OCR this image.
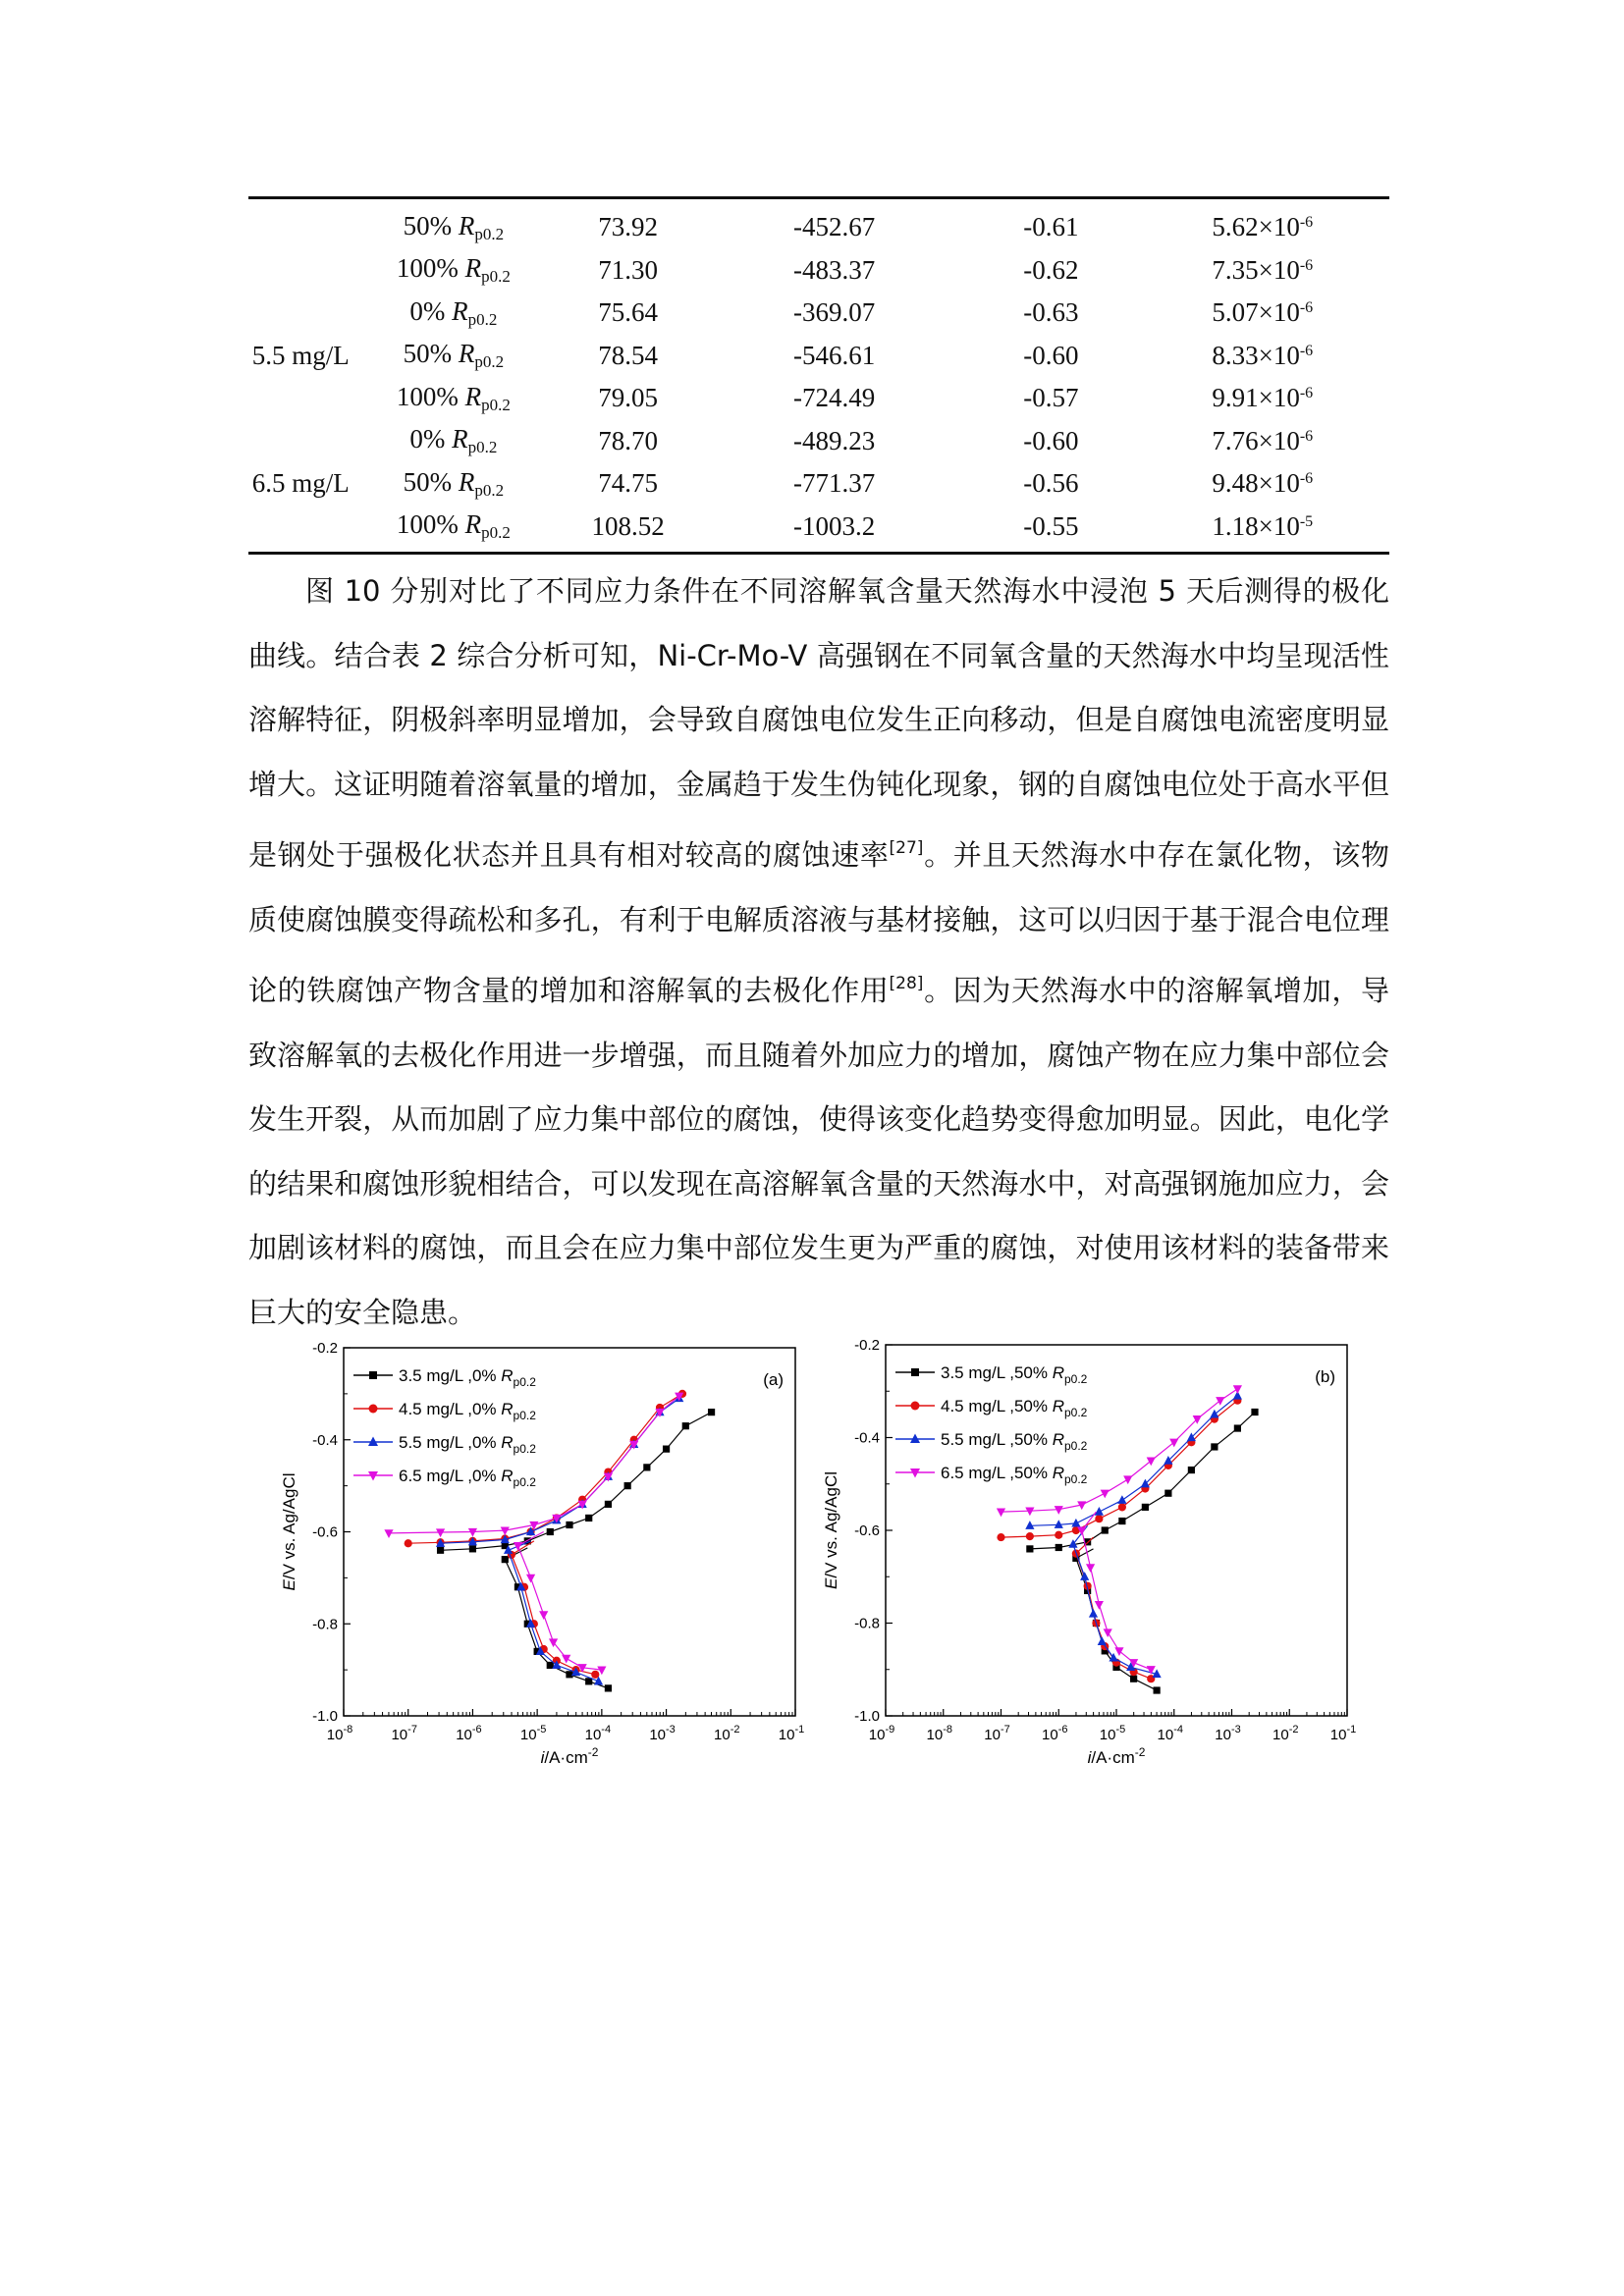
	50% $R_{p0.2}$	73.92	-452.67	-0.61	$5.62\times 10^{-6}$
	100% $R_{p0.2}$	71.30	-483.37	-0.62	$7.35\times 10^{-6}$
	0% $R_{p0.2}$	75.64	-369.07	-0.63	$5.07\times 10^{-6}$
5.5 mg/L	50% $R_{p0.2}$	78.54	-546.61	-0.60	$8.33\times 10^{-6}$
	100% $R_{p0.2}$	79.05	-724.49	-0.57	$9.91\times 10^{-6}$
	0% $R_{p0.2}$	78.70	-489.23	-0.60	$7.76\times 10^{-6}$
6.5 mg/L	50% $R_{p0.2}$	74.75	-771.37	-0.56	$9.48\times 10^{-6}$
	100% $R_{p0.2}$	108.52	-1003.2	-0.55	$1.18\times 10^{-5}$

图 10 分别对比了不同应力条件在不同溶解氧含量天然海水中浸泡 5 天后测得的极化曲线。结合表 2 综合分析可知，Ni-Cr-Mo-V 高强钢在不同氧含量的天然海水中均呈现活性溶解特征，阴极斜率明显增加，会导致自腐蚀电位发生正向移动，但是自腐蚀电流密度明显增大。这证明随着溶氧量的增加，金属趋于发生伪钝化现象，钢的自腐蚀电位处于高水平但是钢处于强极化状态并且具有相对较高的腐蚀速率[27]。并且天然海水中存在氯化物，该物质使腐蚀膜变得疏松和多孔，有利于电解质溶液与基材接触，这可以归因于基于混合电位理论的铁腐蚀产物含量的增加和溶解氧的去极化作用[28]。因为天然海水中的溶解氧增加，导致溶解氧的去极化作用进一步增强，而且随着外加应力的增加，腐蚀产物在应力集中部位会发生开裂，从而加剧了应力集中部位的腐蚀，使得该变化趋势变得愈加明显。因此，电化学的结果和腐蚀形貌相结合，可以发现在高溶解氧含量的天然海水中，对高强钢施加应力，会加剧该材料的腐蚀，而且会在应力集中部位发生更为严重的腐蚀，对使用该材料的装备带来巨大的安全隐患。

$10^{-8}$	$10^{-7}$	$10^{-6}$	$10^{-5}$	$10^{-4}$	$10^{-3}$	$10^{-2}$	$10^{-1}$
-0.2
-0.4
-0.6
-0.8
-1.0
$i/A\cdot cm^{-2}$
E/V vs. Ag/AgCl
(a)
3.5 mg/L ,0% $R_{p0.2}$
4.5 mg/L ,0% $R_{p0.2}$
5.5 mg/L ,0% $R_{p0.2}$
6.5 mg/L ,0% $R_{p0.2}$
$10^{-9}$ $10^{-8}$ $10^{-7}$ $10^{-6}$ $10^{-5}$ $10^{-4}$ $10^{-3}$ $10^{-2}$ $10^{-1}$
-0.2
-0.4
-0.6
-0.8
-1.0
$i/A\cdot cm^{-2}$
E/V vs. Ag/AgCl
(b)
3.5 mg/L ,50% $R_{p0.2}$
4.5 mg/L ,50% $R_{p0.2}$
5.5 mg/L ,50% $R_{p0.2}$
6.5 mg/L ,50% $R_{p0.2}$
